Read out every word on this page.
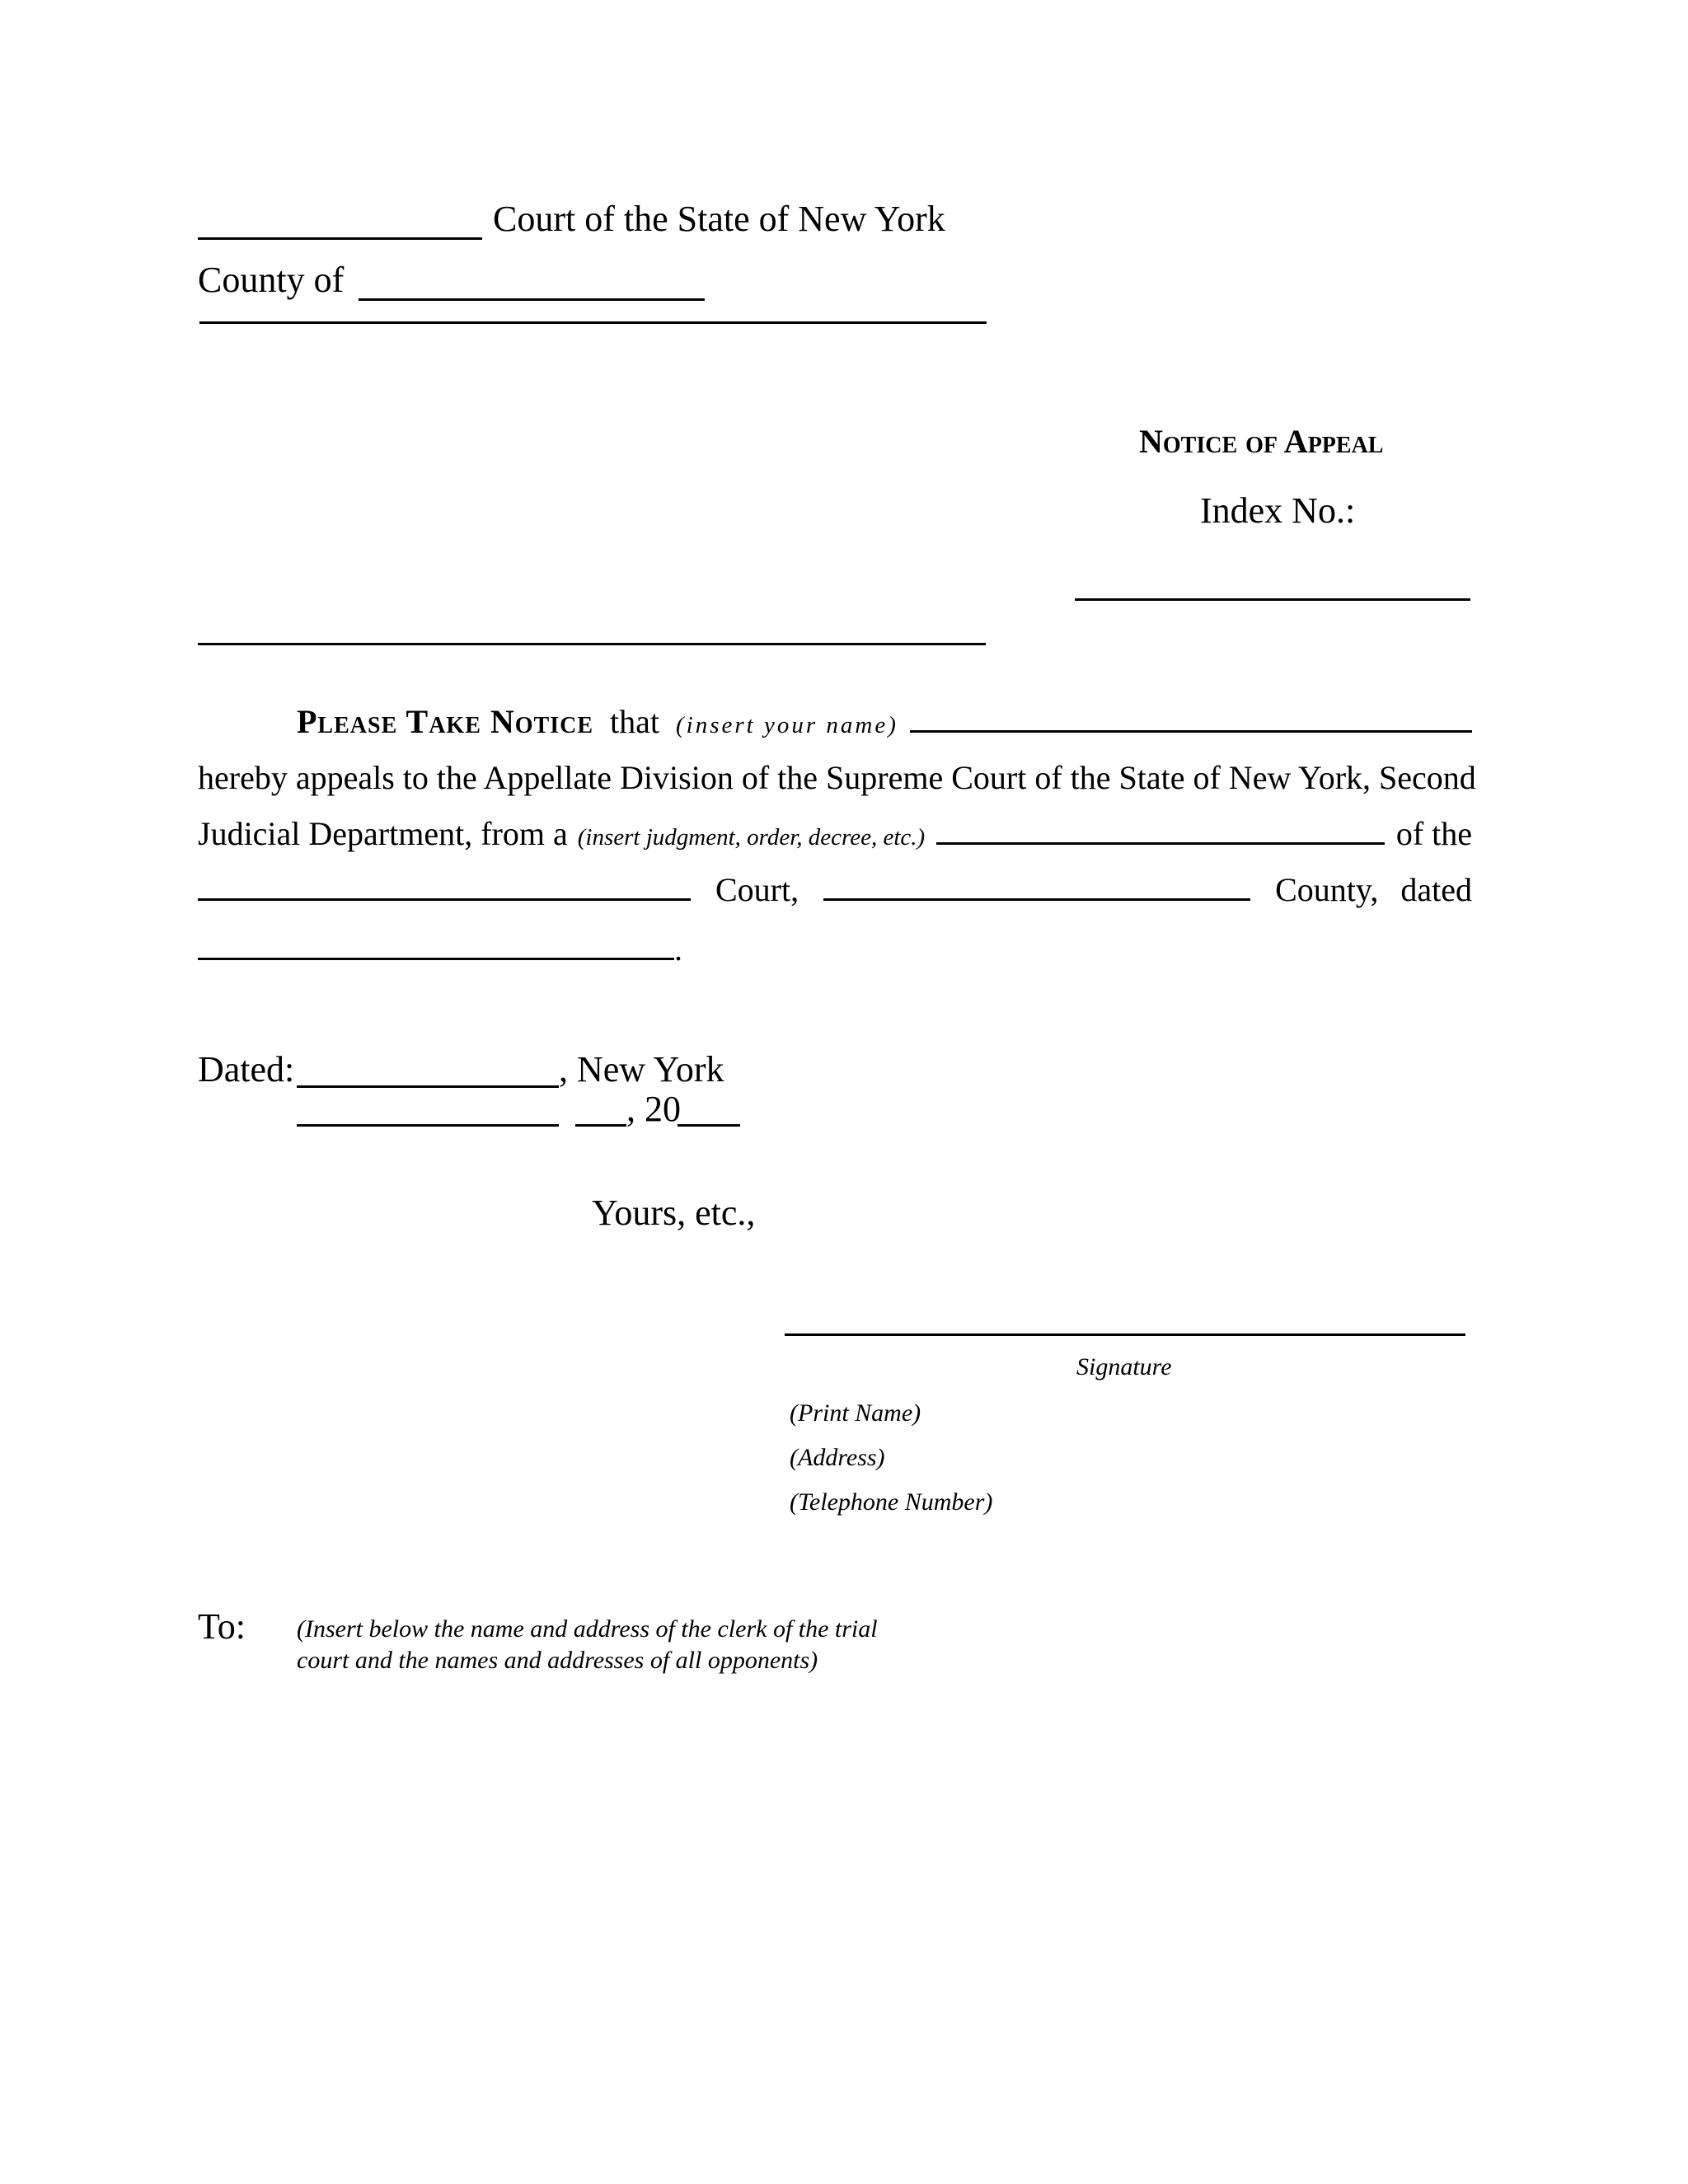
Court of the State of New York
County of
Notice of Appeal
Index No.:
Please Take Notice that (insert your name)
hereby appeals to the Appellate Division of the Supreme Court of the State of New York, Second
Judicial Department, from a (insert judgment, order, decree, etc.)	of the
Court,	County, dated
.
Dated:	, New York
, 20
Yours, etc.,
Signature
(Print Name)
(Address)
(Telephone Number)
To: (Insert below the name and address of the clerk of the trial
court and the names and addresses of all opponents)
